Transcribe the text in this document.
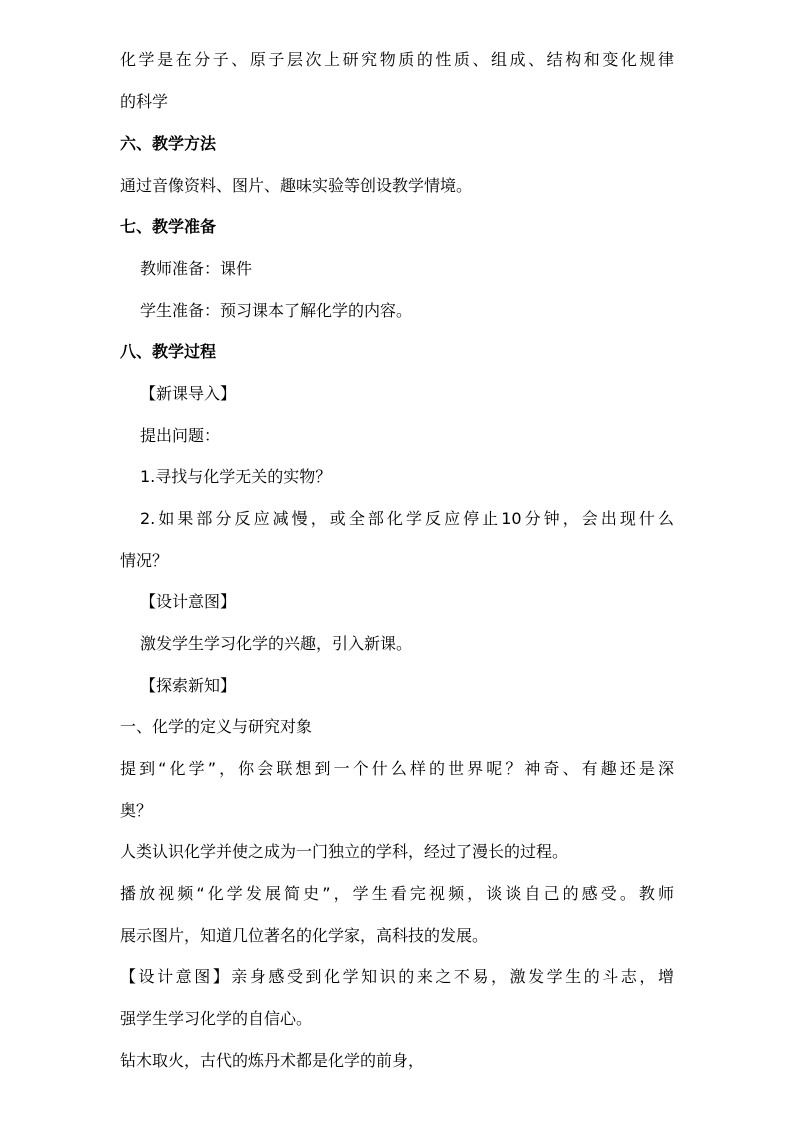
化学是在分子、原子层次上研究物质的性质、组成、结构和变化规律
的科学
六、教学方法
通过音像资料、图片、趣味实验等创设教学情境。
七、教学准备
教师准备：课件
学生准备：预习课本了解化学的内容。
八、教学过程
【新课导入】
提出问题：
1.寻找与化学无关的实物？
2.如果部分反应减慢，或全部化学反应停止10分钟，会出现什么
情况？
【设计意图】
激发学生学习化学的兴趣，引入新课。
【探索新知】
一、化学的定义与研究对象
提到“化学”，你会联想到一个什么样的世界呢？神奇、有趣还是深
奥？
人类认识化学并使之成为一门独立的学科，经过了漫长的过程。
播放视频“化学发展简史”，学生看完视频，谈谈自己的感受。教师
展示图片，知道几位著名的化学家，高科技的发展。
【设计意图】亲身感受到化学知识的来之不易，激发学生的斗志，增
强学生学习化学的自信心。
钻木取火，古代的炼丹术都是化学的前身，
